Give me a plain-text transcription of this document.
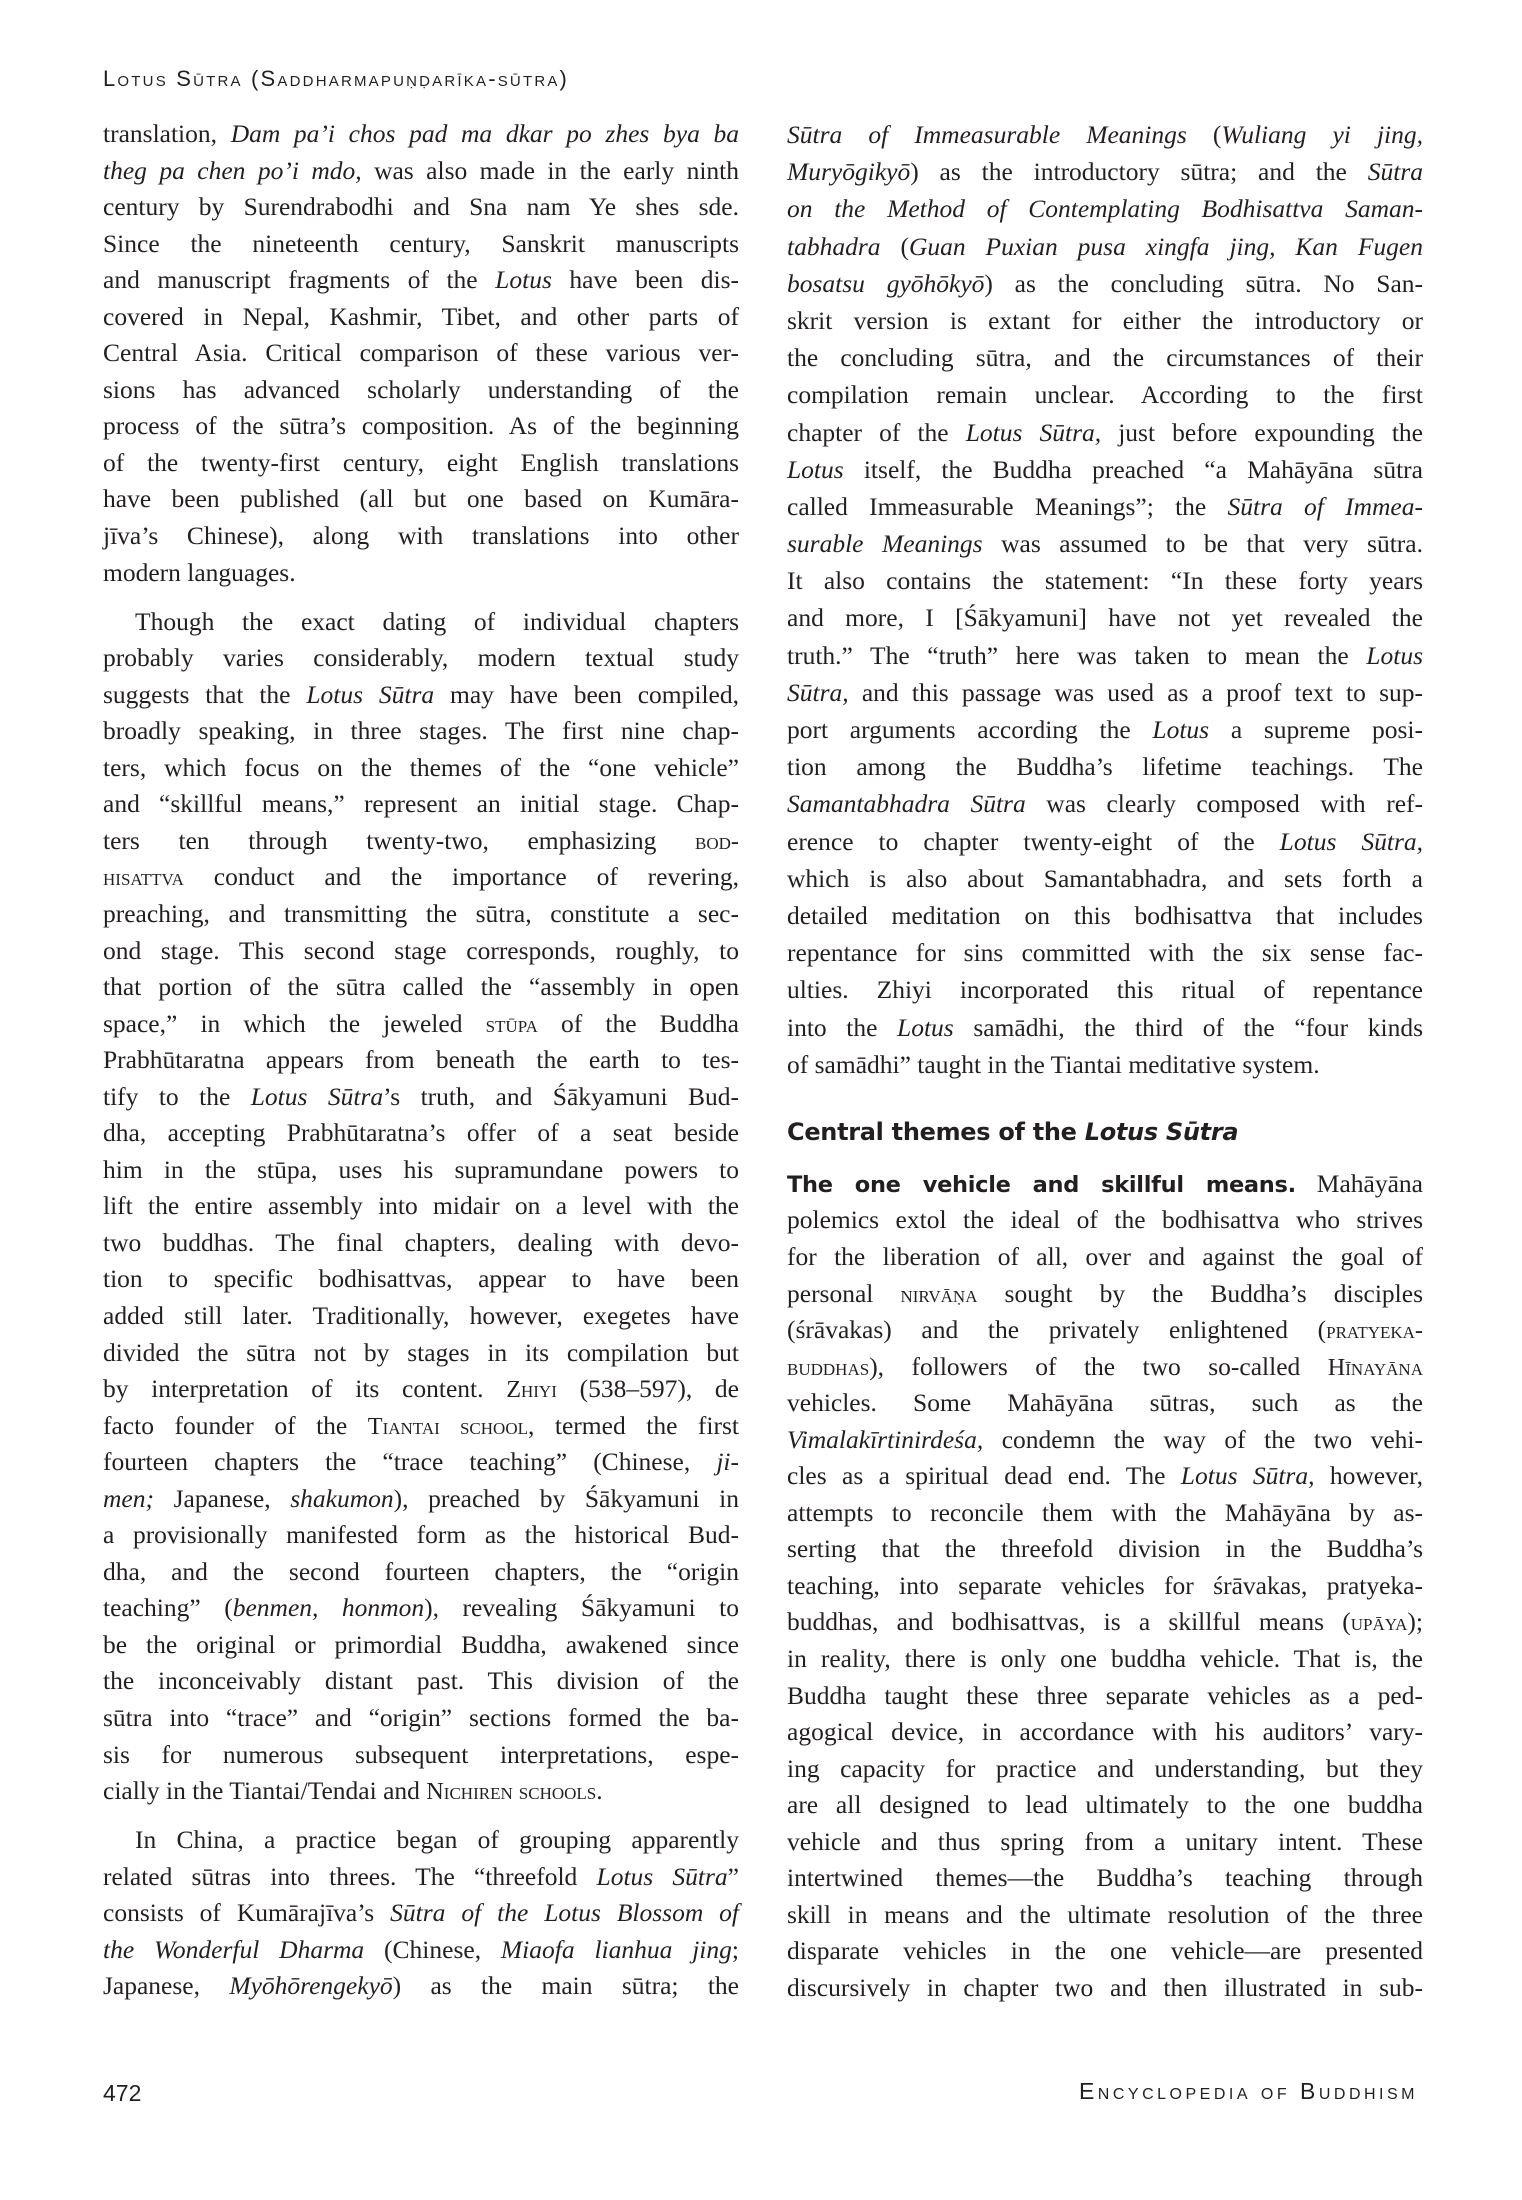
Lotus Sūtra (Saddharmapuṇḍarīka-sūtra)
translation, Dam pa’i chos pad ma dkar po zhes bya ba
theg pa chen po’i mdo, was also made in the early ninth
century by Surendrabodhi and Sna nam Ye shes sde.
Since the nineteenth century, Sanskrit manuscripts
and manuscript fragments of the Lotus have been dis-
covered in Nepal, Kashmir, Tibet, and other parts of
Central Asia. Critical comparison of these various ver-
sions has advanced scholarly understanding of the
process of the sūtra’s composition. As of the beginning
of the twenty-first century, eight English translations
have been published (all but one based on Kumāra-
jīva’s Chinese), along with translations into other
modern languages.
Though the exact dating of individual chapters
probably varies considerably, modern textual study
suggests that the Lotus Sūtra may have been compiled,
broadly speaking, in three stages. The first nine chap-
ters, which focus on the themes of the “one vehicle”
and “skillful means,” represent an initial stage. Chap-
ters ten through twenty-two, emphasizing bod-
hisattva conduct and the importance of revering,
preaching, and transmitting the sūtra, constitute a sec-
ond stage. This second stage corresponds, roughly, to
that portion of the sūtra called the “assembly in open
space,” in which the jeweled stūpa of the Buddha
Prabhūtaratna appears from beneath the earth to tes-
tify to the Lotus Sūtra’s truth, and Śākyamuni Bud-
dha, accepting Prabhūtaratna’s offer of a seat beside
him in the stūpa, uses his supramundane powers to
lift the entire assembly into midair on a level with the
two buddhas. The final chapters, dealing with devo-
tion to specific bodhisattvas, appear to have been
added still later. Traditionally, however, exegetes have
divided the sūtra not by stages in its compilation but
by interpretation of its content. Zhiyi (538–597), de
facto founder of the Tiantai school, termed the first
fourteen chapters the “trace teaching” (Chinese, ji-
men; Japanese, shakumon), preached by Śākyamuni in
a provisionally manifested form as the historical Bud-
dha, and the second fourteen chapters, the “origin
teaching” (benmen, honmon), revealing Śākyamuni to
be the original or primordial Buddha, awakened since
the inconceivably distant past. This division of the
sūtra into “trace” and “origin” sections formed the ba-
sis for numerous subsequent interpretations, espe-
cially in the Tiantai/Tendai and Nichiren schools.
In China, a practice began of grouping apparently
related sūtras into threes. The “threefold Lotus Sūtra”
consists of Kumārajīva’s Sūtra of the Lotus Blossom of
the Wonderful Dharma (Chinese, Miaofa lianhua jing;
Japanese, Myōhōrengekyō) as the main sūtra; the
Sūtra of Immeasurable Meanings (Wuliang yi jing,
Muryōgikyō) as the introductory sūtra; and the Sūtra
on the Method of Contemplating Bodhisattva Saman-
tabhadra (Guan Puxian pusa xingfa jing, Kan Fugen
bosatsu gyōhōkyō) as the concluding sūtra. No San-
skrit version is extant for either the introductory or
the concluding sūtra, and the circumstances of their
compilation remain unclear. According to the first
chapter of the Lotus Sūtra, just before expounding the
Lotus itself, the Buddha preached “a Mahāyāna sūtra
called Immeasurable Meanings”; the Sūtra of Immea-
surable Meanings was assumed to be that very sūtra.
It also contains the statement: “In these forty years
and more, I [Śākyamuni] have not yet revealed the
truth.” The “truth” here was taken to mean the Lotus
Sūtra, and this passage was used as a proof text to sup-
port arguments according the Lotus a supreme posi-
tion among the Buddha’s lifetime teachings. The
Samantabhadra Sūtra was clearly composed with ref-
erence to chapter twenty-eight of the Lotus Sūtra,
which is also about Samantabhadra, and sets forth a
detailed meditation on this bodhisattva that includes
repentance for sins committed with the six sense fac-
ulties. Zhiyi incorporated this ritual of repentance
into the Lotus samādhi, the third of the “four kinds
of samādhi” taught in the Tiantai meditative system.
Central themes of the Lotus Sūtra
The one vehicle and skillful means. Mahāyāna
polemics extol the ideal of the bodhisattva who strives
for the liberation of all, over and against the goal of
personal nirvāṇa sought by the Buddha’s disciples
(śrāvakas) and the privately enlightened (pratyeka-
buddhas), followers of the two so-called Hīnayāna
vehicles. Some Mahāyāna sūtras, such as the
Vimalakīrtinirdeśa, condemn the way of the two vehi-
cles as a spiritual dead end. The Lotus Sūtra, however,
attempts to reconcile them with the Mahāyāna by as-
serting that the threefold division in the Buddha’s
teaching, into separate vehicles for śrāvakas, pratyeka-
buddhas, and bodhisattvas, is a skillful means (upāya);
in reality, there is only one buddha vehicle. That is, the
Buddha taught these three separate vehicles as a ped-
agogical device, in accordance with his auditors’ vary-
ing capacity for practice and understanding, but they
are all designed to lead ultimately to the one buddha
vehicle and thus spring from a unitary intent. These
intertwined themes—the Buddha’s teaching through
skill in means and the ultimate resolution of the three
disparate vehicles in the one vehicle—are presented
discursively in chapter two and then illustrated in sub-
472	Encyclopedia of Buddhism
